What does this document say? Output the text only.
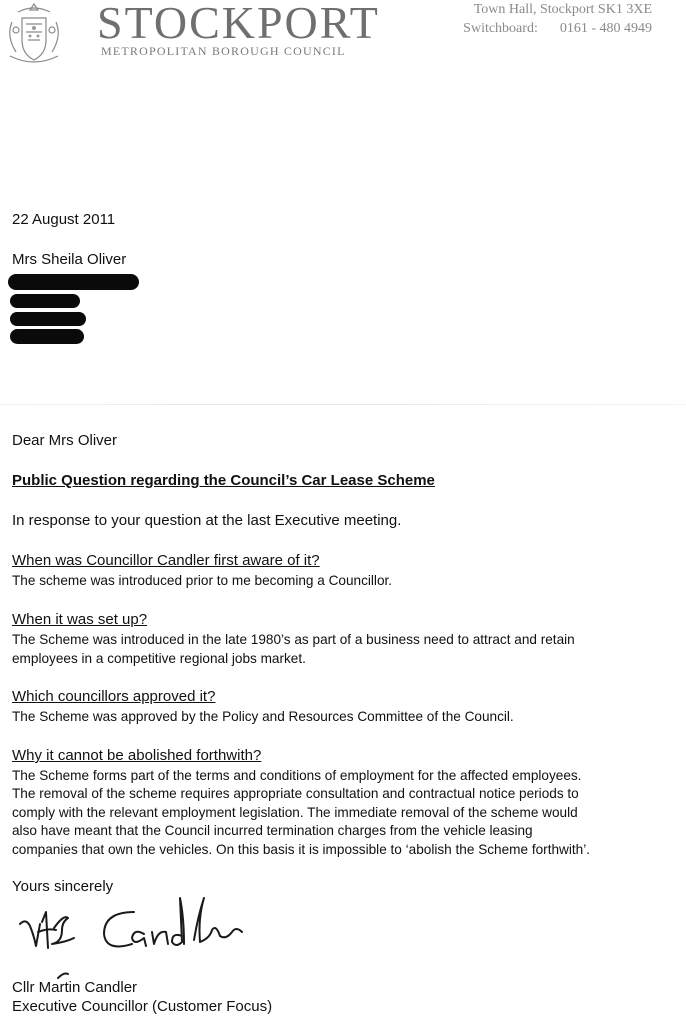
STOCKPORT
METROPOLITAN BOROUGH COUNCIL
Town Hall, Stockport SK1 3XE
Switchboard: 0161 - 480 4949
22 August 2011
Mrs Sheila Oliver
Dear Mrs Oliver
Public Question regarding the Council’s Car Lease Scheme
In response to your question at the last Executive meeting.
When was Councillor Candler first aware of it?
The scheme was introduced prior to me becoming a Councillor.
When it was set up?
The Scheme was introduced in the late 1980’s as part of a business need to attract and retain
employees in a competitive regional jobs market.
Which councillors approved it?
The Scheme was approved by the Policy and Resources Committee of the Council.
Why it cannot be abolished forthwith?
The Scheme forms part of the terms and conditions of employment for the affected employees.
The removal of the scheme requires appropriate consultation and contractual notice periods to
comply with the relevant employment legislation. The immediate removal of the scheme would
also have meant that the Council incurred termination charges from the vehicle leasing
companies that own the vehicles. On this basis it is impossible to ‘abolish the Scheme forthwith’.
Yours sincerely
Cllr Martin Candler
Executive Councillor (Customer Focus)
